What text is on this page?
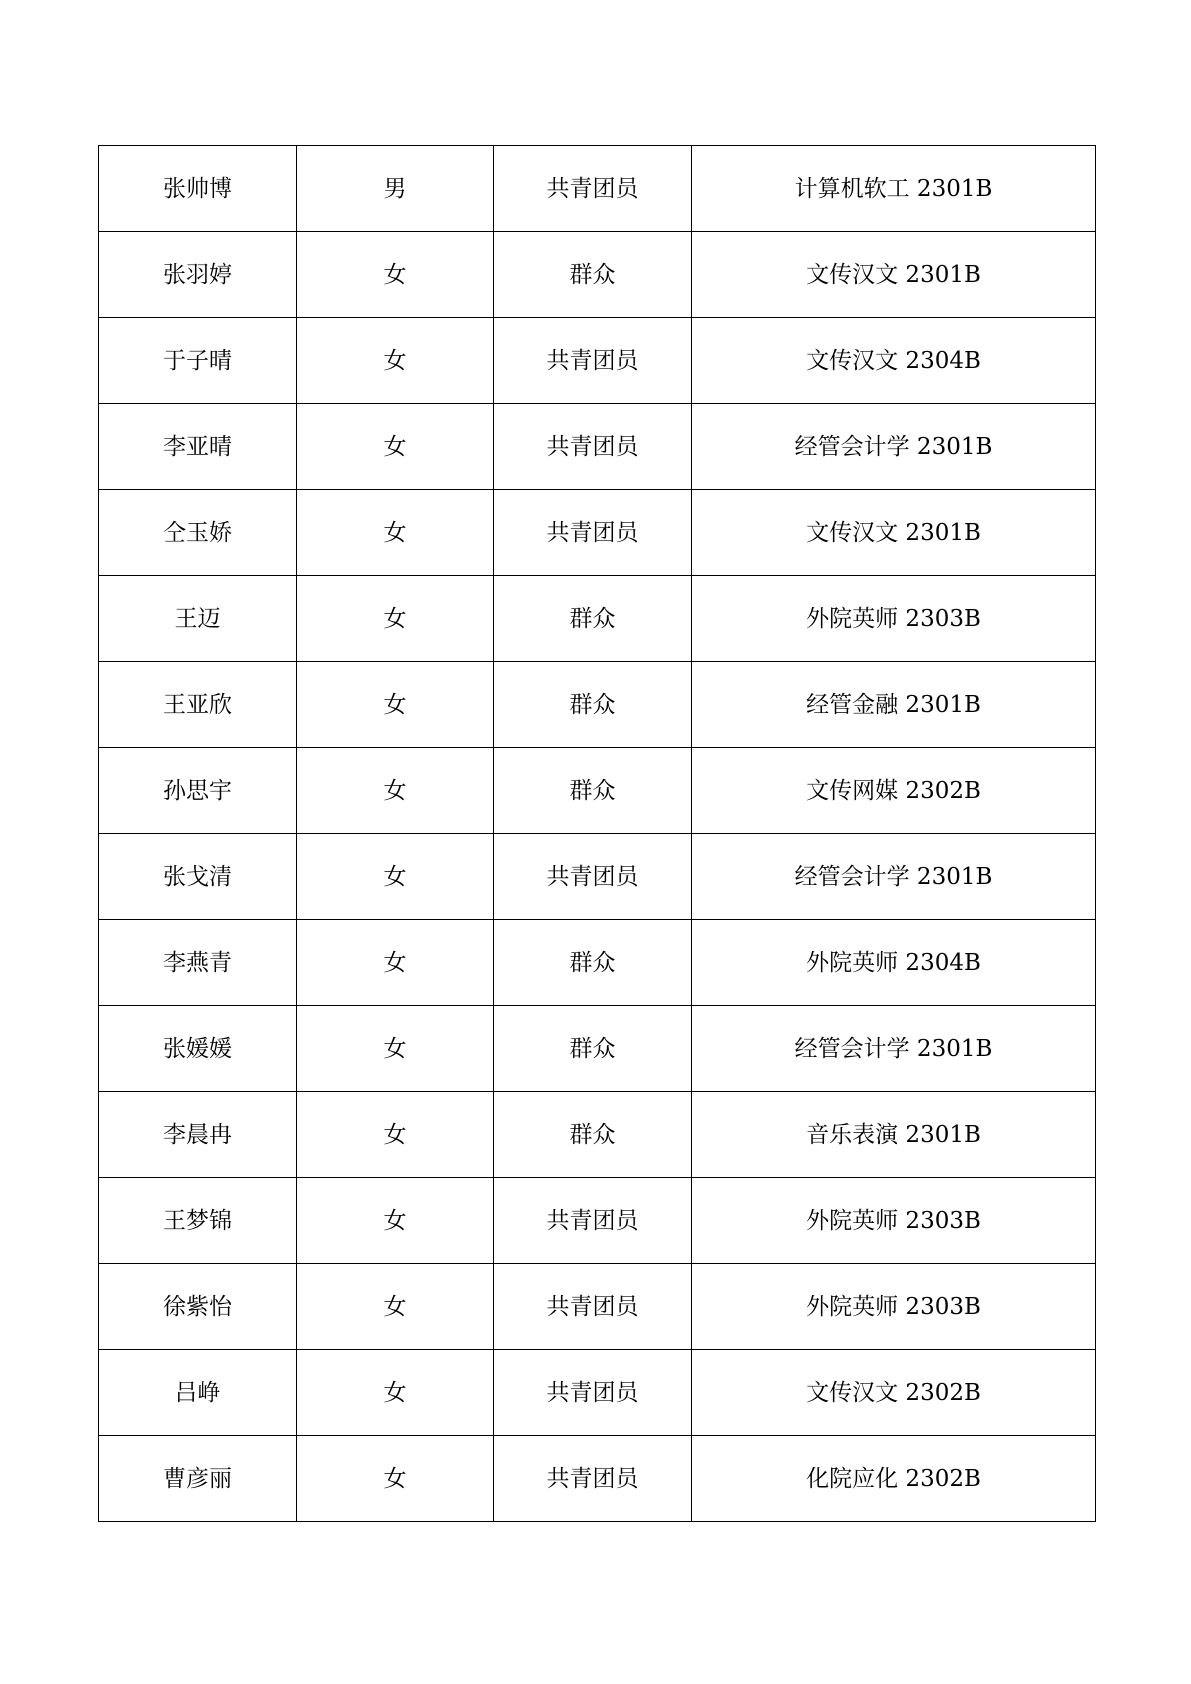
张帅博	男	共青团员	计算机软工 2301B
张羽婷	女	群众	文传汉文 2301B
于子晴	女	共青团员	文传汉文 2304B
李亚晴	女	共青团员	经管会计学 2301B
仝玉娇	女	共青团员	文传汉文 2301B
王迈	女	群众	外院英师 2303B
王亚欣	女	群众	经管金融 2301B
孙思宇	女	群众	文传网媒 2302B
张戈清	女	共青团员	经管会计学 2301B
李燕青	女	群众	外院英师 2304B
张媛媛	女	群众	经管会计学 2301B
李晨冉	女	群众	音乐表演 2301B
王梦锦	女	共青团员	外院英师 2303B
徐紫怡	女	共青团员	外院英师 2303B
吕峥	女	共青团员	文传汉文 2302B
曹彦丽	女	共青团员	化院应化 2302B
